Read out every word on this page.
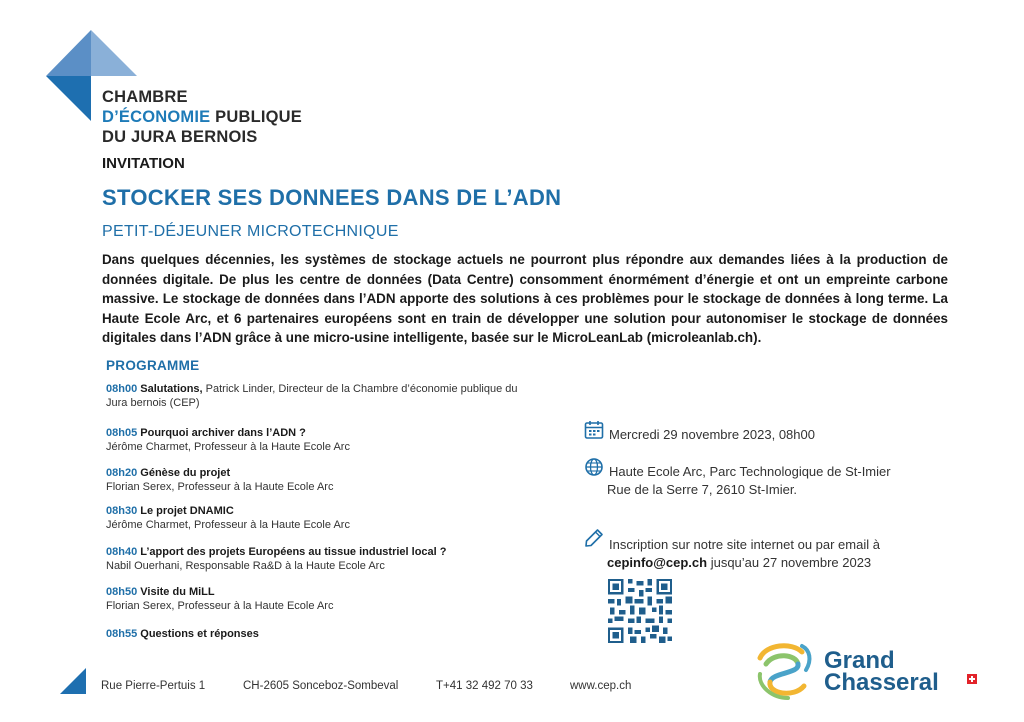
CHAMBRE
D’ÉCONOMIE PUBLIQUE
DU JURA BERNOIS
INVITATION
STOCKER SES DONNEES DANS DE L’ADN
PETIT-DÉJEUNER MICROTECHNIQUE
Dans quelques décennies, les systèmes de stockage actuels ne pourront plus répondre aux demandes liées à la production de données digitale. De plus les centre de données (Data Centre) consomment énormément d’énergie et ont un empreinte carbone massive. Le stockage de données dans l’ADN apporte des solutions à ces problèmes pour le stockage de données à long terme. La Haute Ecole Arc, et 6 partenaires européens sont en train de développer une solution pour autonomiser le stockage de données digitales dans l’ADN grâce à une micro-usine intelligente, basée sur le MicroLeanLab (microleanlab.ch).
PROGRAMME
08h00 Salutations, Patrick Linder, Directeur de la Chambre d’économie publique du Jura bernois (CEP)
08h05 Pourquoi archiver dans l’ADN ?
Jérôme Charmet, Professeur à la Haute Ecole Arc
08h20 Génèse du projet
Florian Serex, Professeur à la Haute Ecole Arc
08h30 Le projet DNAMIC
Jérôme Charmet, Professeur à la Haute Ecole Arc
08h40 L’apport des projets Européens au tissue industriel local ?
Nabil Ouerhani, Responsable Ra&D à la Haute Ecole Arc
08h50 Visite du MiLL
Florian Serex, Professeur à la Haute Ecole Arc
08h55 Questions et réponses
Mercredi 29 novembre 2023, 08h00
Haute Ecole Arc, Parc Technologique de St-Imier
Rue de la Serre 7, 2610 St-Imier.
Inscription sur notre site internet ou par email à
cepinfo@cep.ch jusqu’au 27 novembre 2023
Rue Pierre-Pertuis 1	CH-2605 Sonceboz-Sombeval	T+41 32 492 70 33	www.cep.ch
Grand
Chasseral
